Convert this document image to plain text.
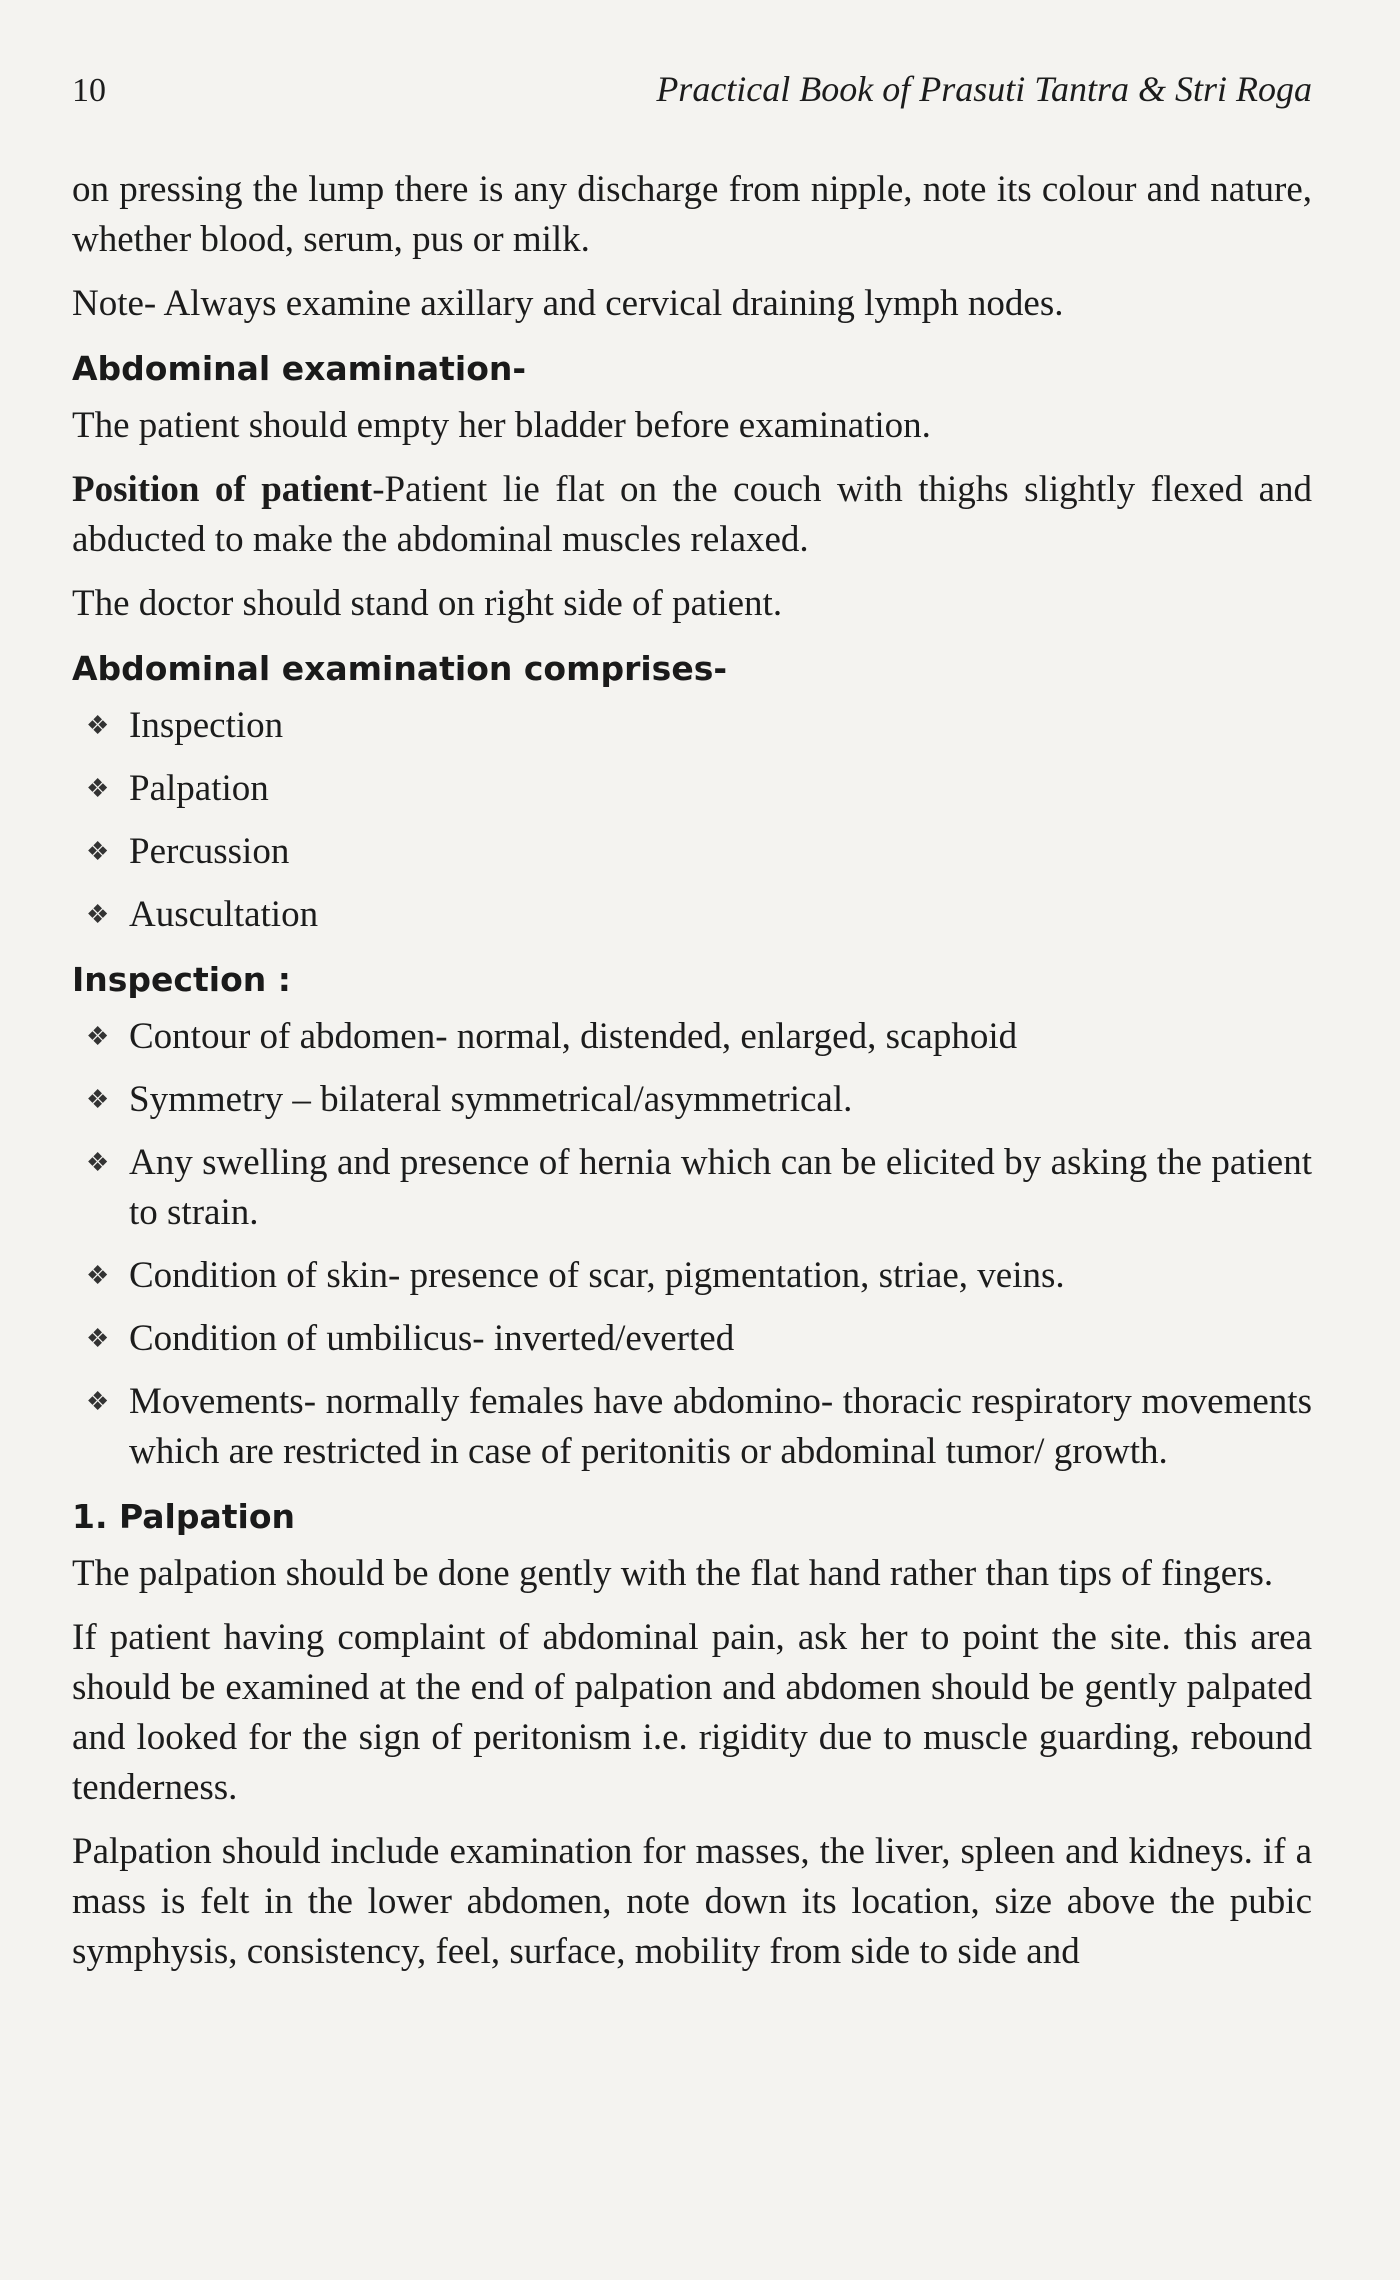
10	Practical Book of Prasuti Tantra & Stri Roga

on pressing the lump there is any discharge from nipple, note its colour and nature, whether blood, serum, pus or milk.

Note- Always examine axillary and cervical draining lymph nodes.

Abdominal examination-

The patient should empty her bladder before examination.

Position of patient-Patient lie flat on the couch with thighs slightly flexed and abducted to make the abdominal muscles relaxed.

The doctor should stand on right side of patient.

Abdominal examination comprises-
❖ Inspection
❖ Palpation
❖ Percussion
❖ Auscultation
Inspection :
❖ Contour of abdomen- normal, distended, enlarged, scaphoid
❖ Symmetry – bilateral symmetrical/asymmetrical.
❖ Any swelling and presence of hernia which can be elicited by asking the patient to strain.
❖ Condition of skin- presence of scar, pigmentation, striae, veins.
❖ Condition of umbilicus- inverted/everted
❖ Movements- normally females have abdomino- thoracic respiratory movements which are restricted in case of peritonitis or abdominal tumor/ growth.
1. Palpation

The palpation should be done gently with the flat hand rather than tips of fingers.

If patient having complaint of abdominal pain, ask her to point the site. this area should be examined at the end of palpation and abdomen should be gently palpated and looked for the sign of peritonism i.e. rigidity due to muscle guarding, rebound tenderness.

Palpation should include examination for masses, the liver, spleen and kidneys. if a mass is felt in the lower abdomen, note down its location, size above the pubic symphysis, consistency, feel, surface, mobility from side to side and
